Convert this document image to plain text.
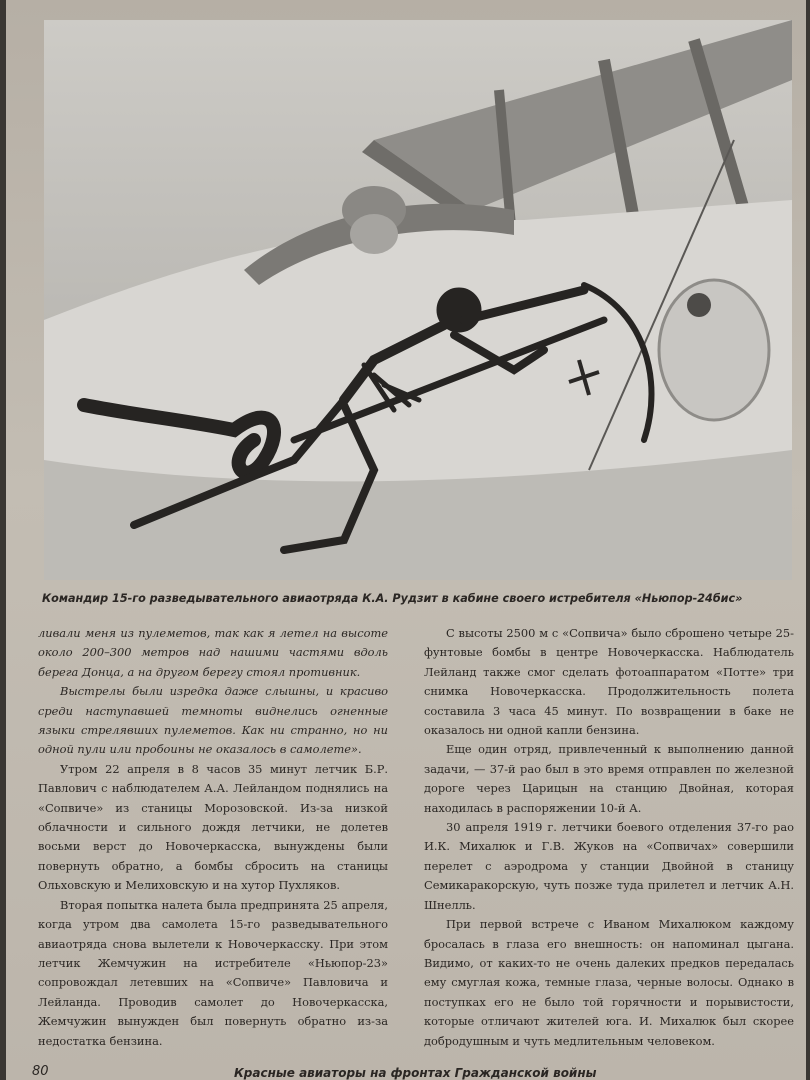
Командир 15-го разведывательного авиаотряда К.А. Рудзит в кабине своего истребителя «Ньюпор-24бис»

ливали меня из пулеметов, так как я летел на высоте около 200–300 метров над нашими частями вдоль берега Донца, а на другом берегу стоял противник.

Выстрелы были изредка даже слышны, и красиво среди наступавшей темноты виднелись огненные языки стрелявших пулеметов. Как ни странно, но ни одной пули или пробоины не оказалось в самолете».

Утром 22 апреля в 8 часов 35 минут летчик Б.Р. Павлович с наблюдателем А.А. Лейландом поднялись на «Сопвиче» из станицы Морозовской. Из-за низкой облачности и сильного дождя летчики, не долетев восьми верст до Новочеркасска, вынуждены были повернуть обратно, а бомбы сбросить на станицы Ольховскую и Мелиховскую и на хутор Пухляков.

Вторая попытка налета была предпринята 25 апреля, когда утром два самолета 15-го разведывательного авиаотряда снова вылетели к Новочеркасску. При этом летчик Жемчужин на истребителе «Ньюпор-23» сопровождал летевших на «Сопвиче» Павловича и Лейланда. Проводив самолет до Новочеркасска, Жемчужин вынужден был повернуть обратно из-за недостатка бензина.

С высоты 2500 м с «Сопвича» было сброшено четыре 25-фунтовые бомбы в центре Новочеркасска. Наблюдатель Лейланд также смог сделать фотоаппаратом «Потте» три снимка Новочеркасска. Продолжительность полета составила 3 часа 45 минут. По возвращении в баке не оказалось ни одной капли бензина.

Еще один отряд, привлеченный к выполнению данной задачи, — 37-й рао был в это время отправлен по железной дороге через Царицын на станцию Двойная, которая находилась в распоряжении 10-й А.

30 апреля 1919 г. летчики боевого отделения 37-го рао И.К. Михалюк и Г.В. Жуков на «Сопвичах» совершили перелет с аэродрома у станции Двойной в станицу Семикаракорскую, чуть позже туда прилетел и летчик А.Н. Шнелль.

При первой встрече с Иваном Михалюком каждому бросалась в глаза его внешность: он напоминал цыгана. Видимо, от каких-то не очень далеких предков передалась ему смуглая кожа, темные глаза, черные волосы. Однако в поступках его не было той горячности и порывистости, которые отличают жителей юга. И. Михалюк был скорее добродушным и чуть медлительным человеком.

80	Красные авиаторы на фронтах Гражданской войны
